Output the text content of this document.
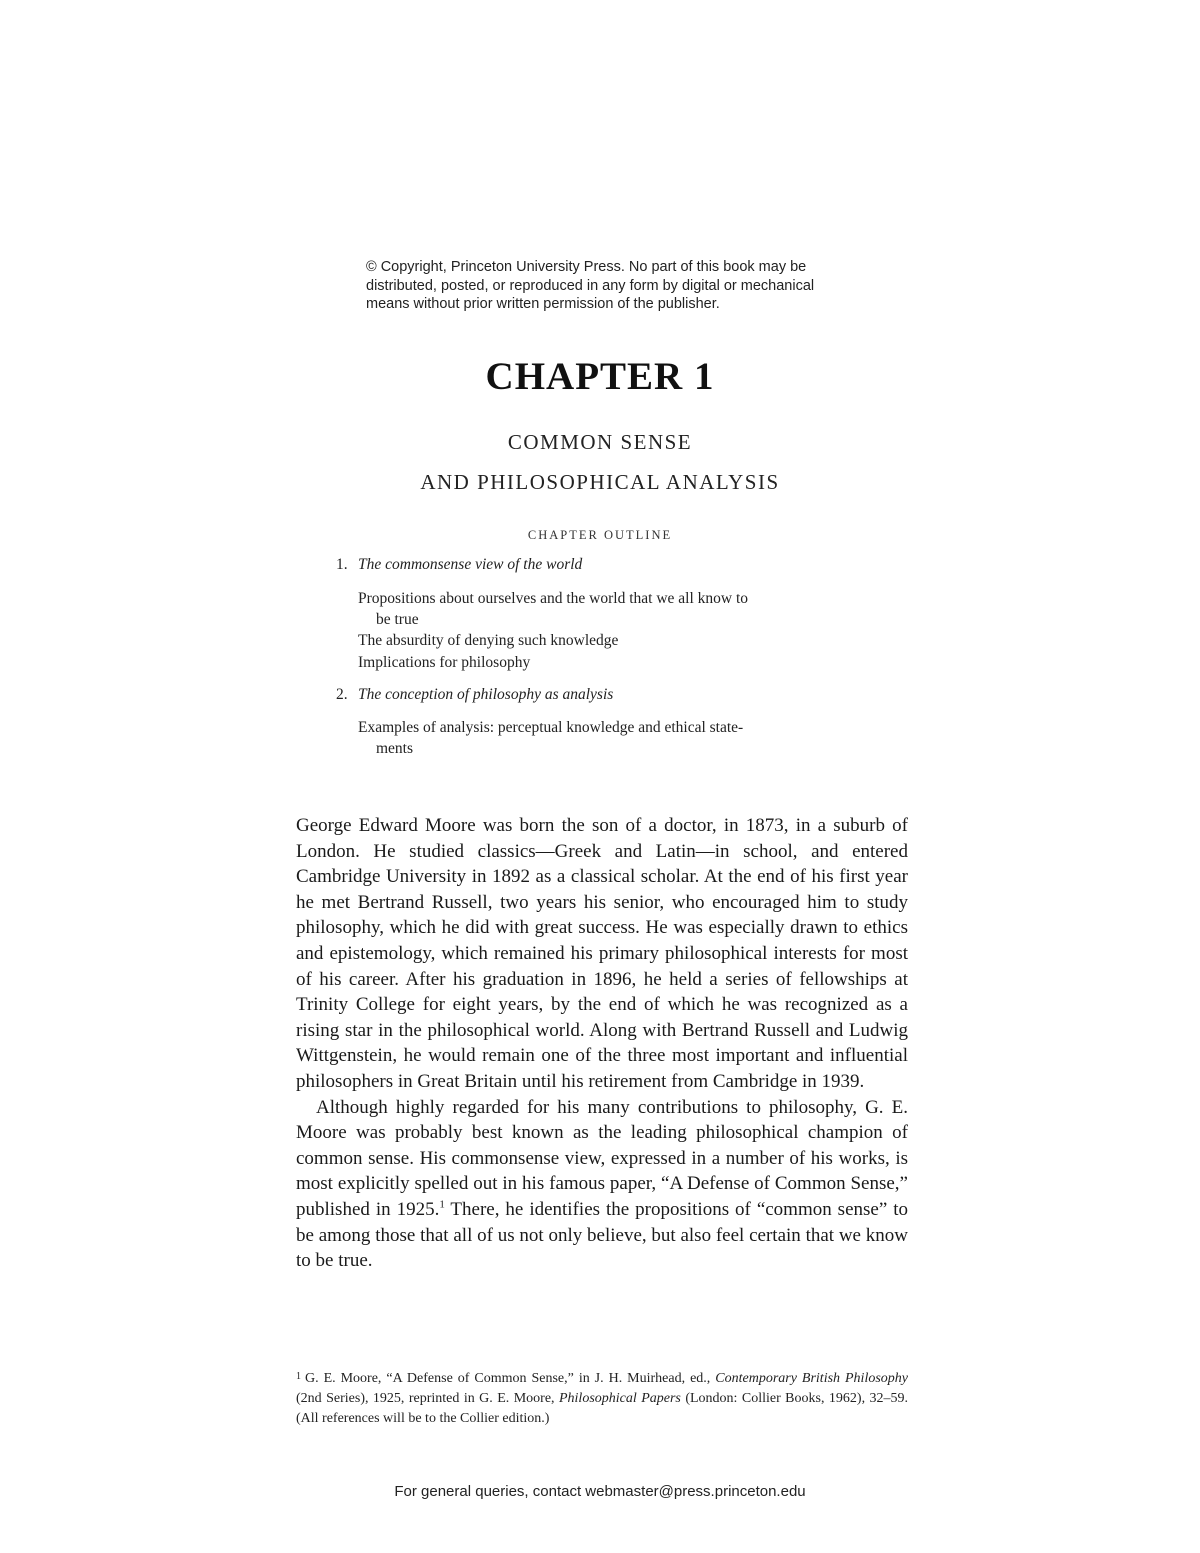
© Copyright, Princeton University Press. No part of this book may be
distributed, posted, or reproduced in any form by digital or mechanical
means without prior written permission of the publisher.
CHAPTER 1
COMMON SENSE
AND PHILOSOPHICAL ANALYSIS
CHAPTER OUTLINE
1. The commonsense view of the world
Propositions about ourselves and the world that we all know to
be true
The absurdity of denying such knowledge
Implications for philosophy
2. The conception of philosophy as analysis
Examples of analysis: perceptual knowledge and ethical state-
ments

George Edward Moore was born the son of a doctor, in 1873, in a suburb of London. He studied classics—Greek and Latin—in school, and entered Cambridge University in 1892 as a classical scholar. At the end of his first year he met Bertrand Russell, two years his senior, who encouraged him to study philosophy, which he did with great success. He was especially drawn to ethics and epistemology, which remained his primary philosophical interests for most of his career. After his graduation in 1896, he held a series of fellowships at Trinity College for eight years, by the end of which he was recognized as a rising star in the philosophical world. Along with Bertrand Russell and Ludwig Wittgenstein, he would remain one of the three most important and influential philosophers in Great Britain until his retirement from Cambridge in 1939.

Although highly regarded for his many contributions to philosophy, G. E. Moore was probably best known as the leading philosophical champion of common sense. His commonsense view, expressed in a number of his works, is most explicitly spelled out in his famous paper, “A Defense of Common Sense,” published in 1925.$^1$ There, he identifies the propositions of “common sense” to be among those that all of us not only believe, but also feel certain that we know to be true.

$^1$ G. E. Moore, “A Defense of Common Sense,” in J. H. Muirhead, ed., Contemporary British Philosophy (2nd Series), 1925, reprinted in G. E. Moore, Philosophical Papers (London: Collier Books, 1962), 32–59. (All references will be to the Collier edition.)
For general queries, contact webmaster@press.princeton.edu
